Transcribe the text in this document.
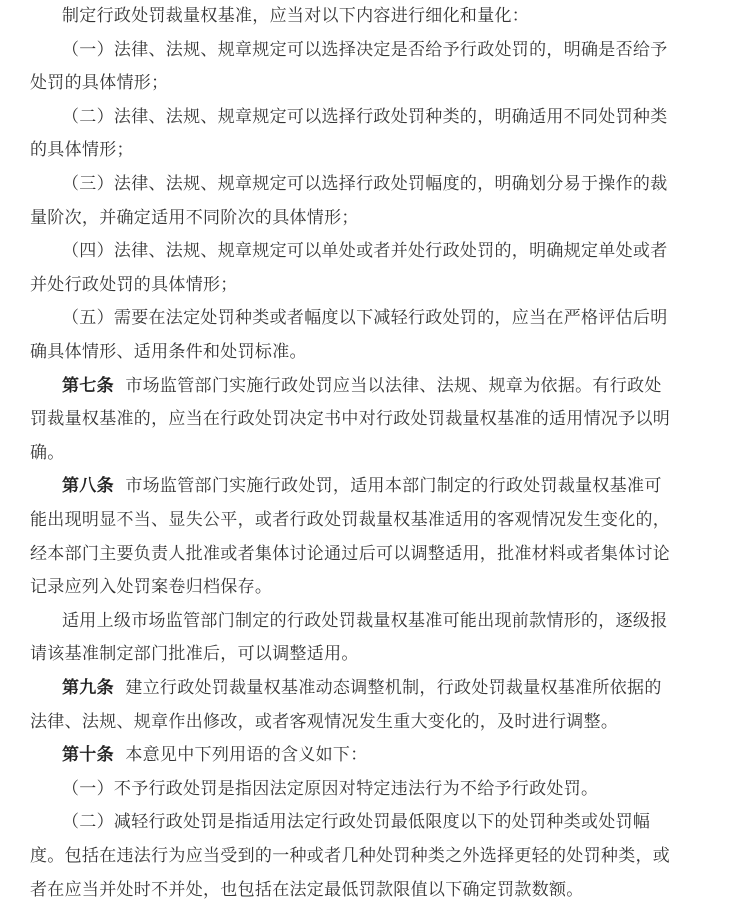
制定行政处罚裁量权基准，应当对以下内容进行细化和量化：
（一）法律、法规、规章规定可以选择决定是否给予行政处罚的，明确是否给予
处罚的具体情形；
（二）法律、法规、规章规定可以选择行政处罚种类的，明确适用不同处罚种类
的具体情形；
（三）法律、法规、规章规定可以选择行政处罚幅度的，明确划分易于操作的裁
量阶次，并确定适用不同阶次的具体情形；
（四）法律、法规、规章规定可以单处或者并处行政处罚的，明确规定单处或者
并处行政处罚的具体情形；
（五）需要在法定处罚种类或者幅度以下减轻行政处罚的，应当在严格评估后明
确具体情形、适用条件和处罚标准。
第七条 市场监管部门实施行政处罚应当以法律、法规、规章为依据。有行政处
罚裁量权基准的，应当在行政处罚决定书中对行政处罚裁量权基准的适用情况予以明
确。
第八条 市场监管部门实施行政处罚，适用本部门制定的行政处罚裁量权基准可
能出现明显不当、显失公平，或者行政处罚裁量权基准适用的客观情况发生变化的，
经本部门主要负责人批准或者集体讨论通过后可以调整适用，批准材料或者集体讨论
记录应列入处罚案卷归档保存。
适用上级市场监管部门制定的行政处罚裁量权基准可能出现前款情形的，逐级报
请该基准制定部门批准后，可以调整适用。
第九条 建立行政处罚裁量权基准动态调整机制，行政处罚裁量权基准所依据的
法律、法规、规章作出修改，或者客观情况发生重大变化的，及时进行调整。
第十条 本意见中下列用语的含义如下：
（一）不予行政处罚是指因法定原因对特定违法行为不给予行政处罚。
（二）减轻行政处罚是指适用法定行政处罚最低限度以下的处罚种类或处罚幅
度。包括在违法行为应当受到的一种或者几种处罚种类之外选择更轻的处罚种类，或
者在应当并处时不并处，也包括在法定最低罚款限值以下确定罚款数额。
